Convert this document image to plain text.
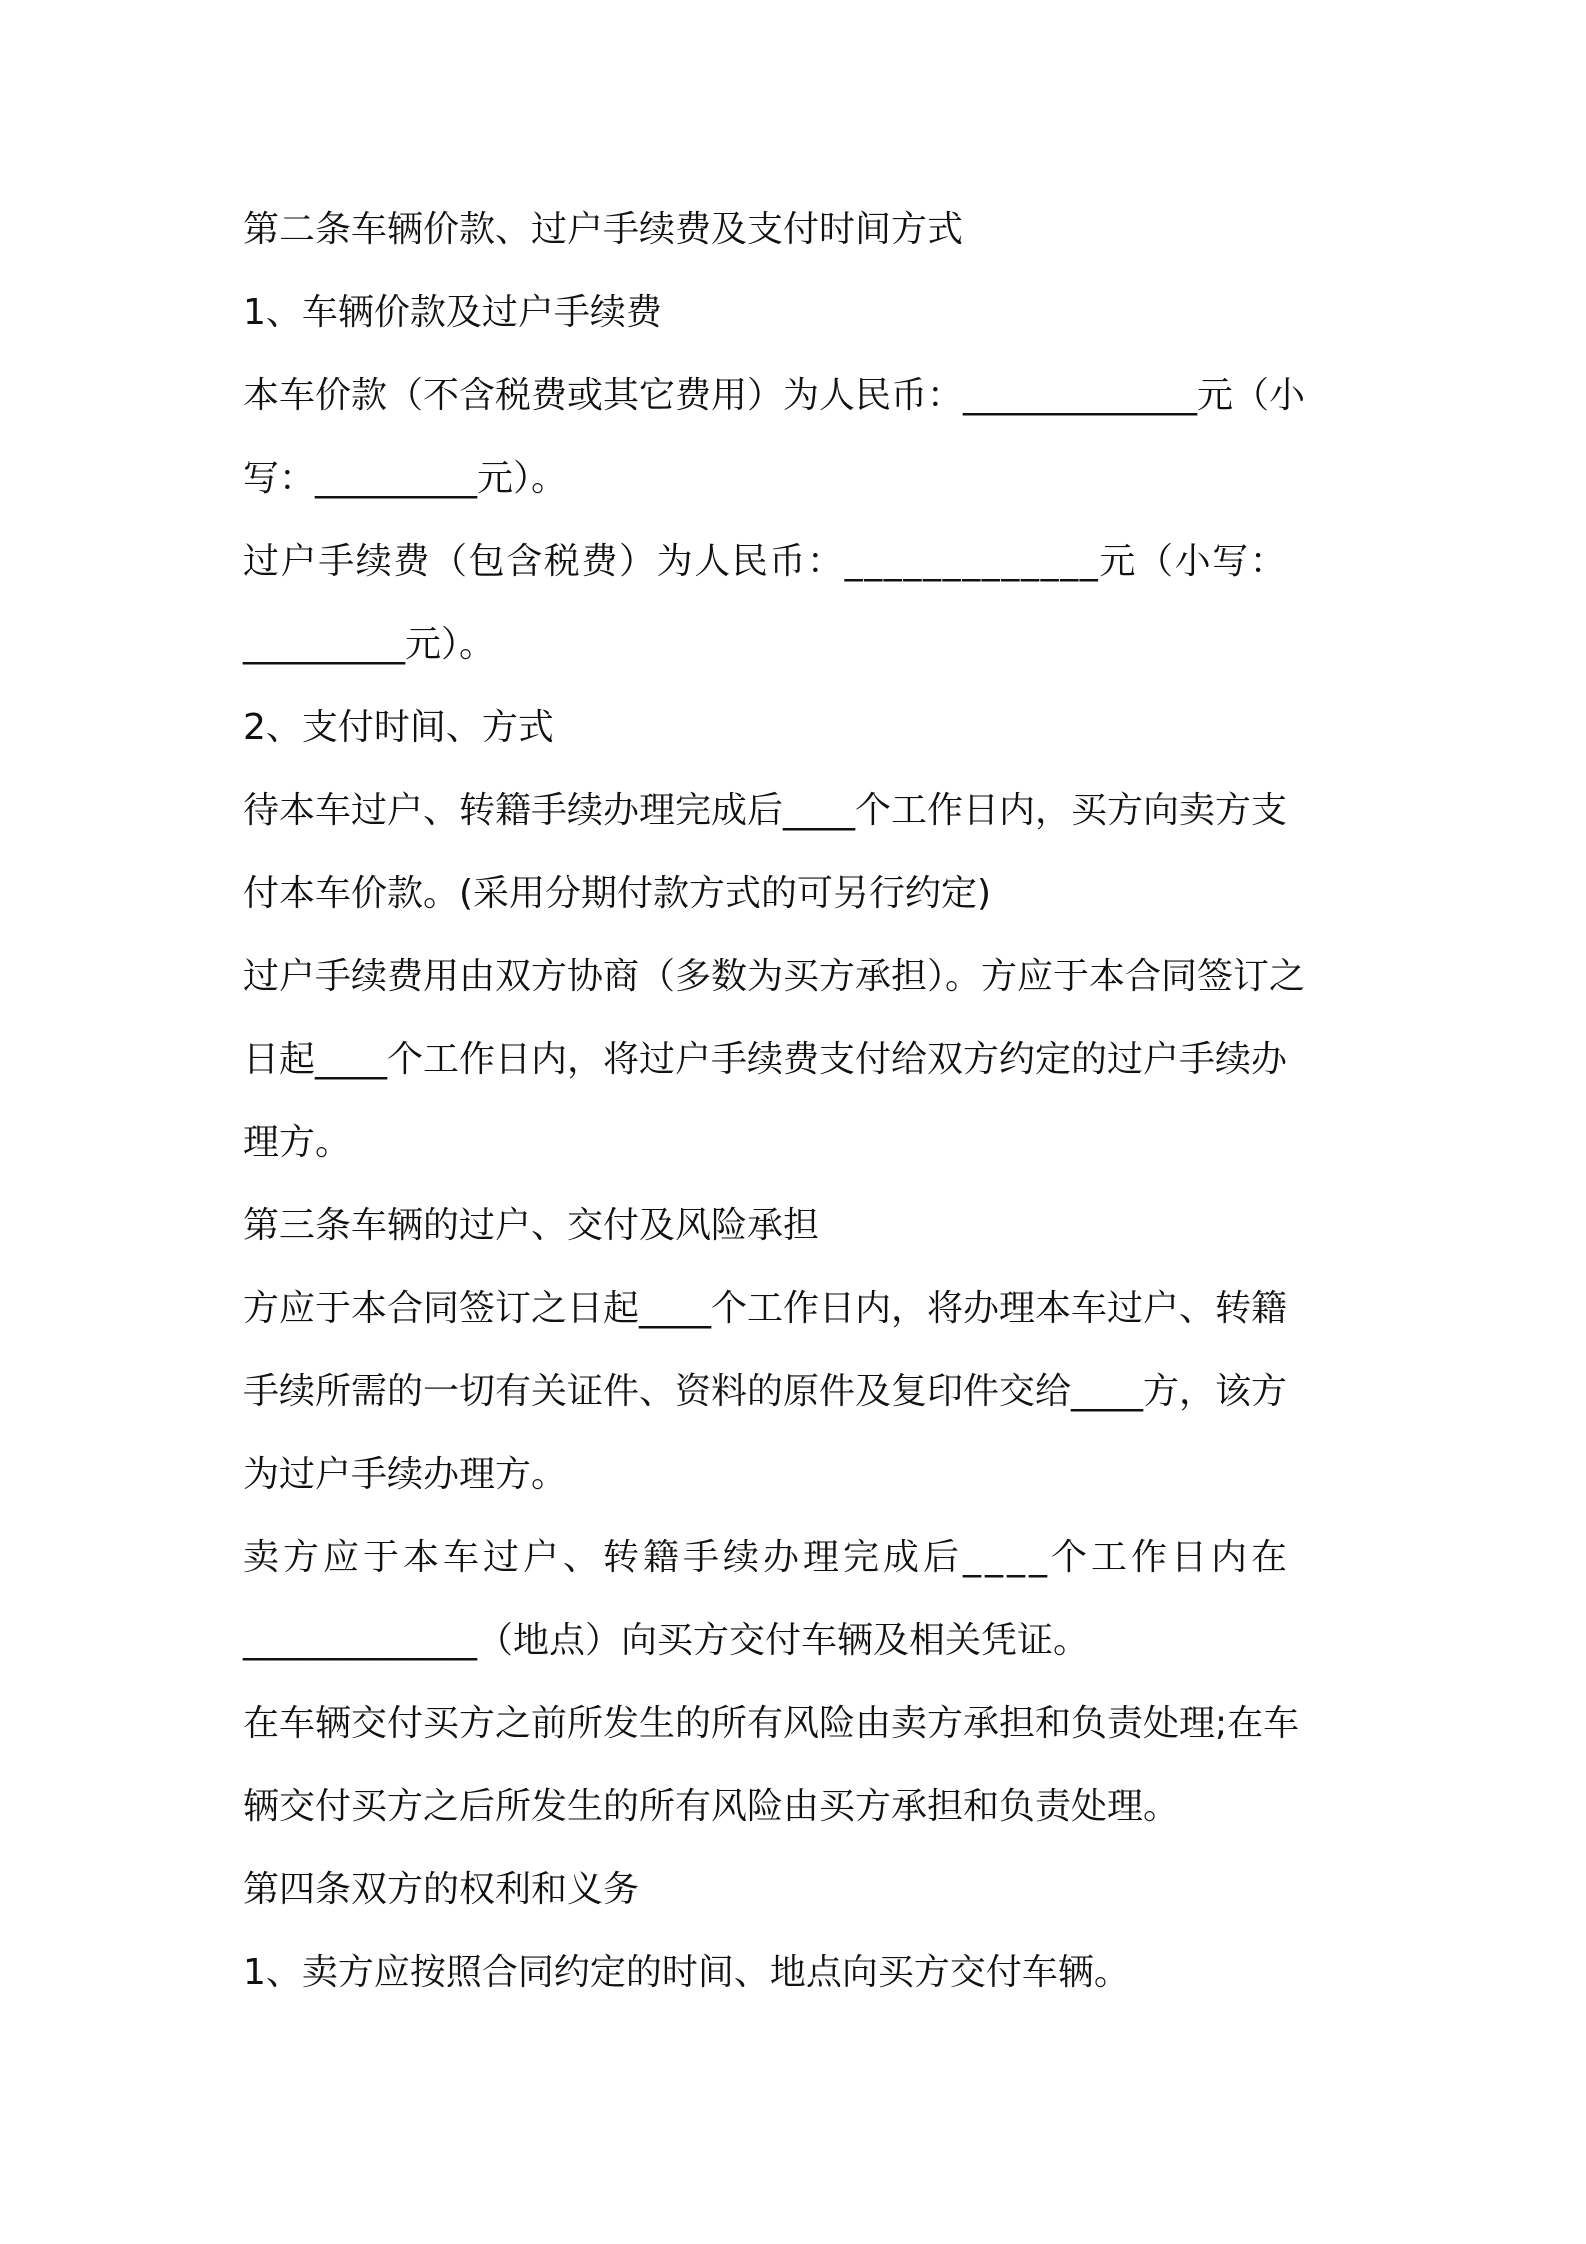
第二条车辆价款、过户手续费及支付时间方式
1、车辆价款及过户手续费
本车价款（不含税费或其它费用）为人民币：_____________元（小
写：_________元）。
过户手续费（包含税费）为人民币：_____________元（小写：
_________元）。
2、支付时间、方式
待本车过户、转籍手续办理完成后____个工作日内，买方向卖方支
付本车价款。(采用分期付款方式的可另行约定)
过户手续费用由双方协商（多数为买方承担）。方应于本合同签订之
日起____个工作日内，将过户手续费支付给双方约定的过户手续办
理方。
第三条车辆的过户、交付及风险承担
方应于本合同签订之日起____个工作日内，将办理本车过户、转籍
手续所需的一切有关证件、资料的原件及复印件交给____方，该方
为过户手续办理方。
卖方应于本车过户、转籍手续办理完成后____个工作日内在
_____________（地点）向买方交付车辆及相关凭证。
在车辆交付买方之前所发生的所有风险由卖方承担和负责处理;在车
辆交付买方之后所发生的所有风险由买方承担和负责处理。
第四条双方的权利和义务
1、卖方应按照合同约定的时间、地点向买方交付车辆。
